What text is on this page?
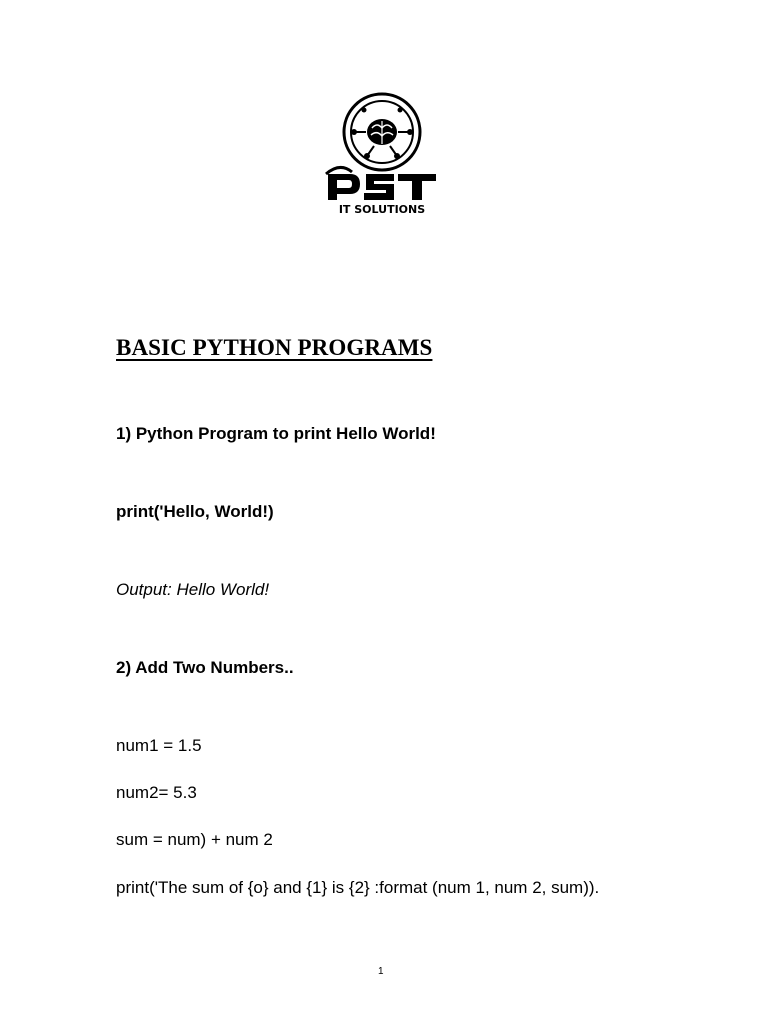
IT SOLUTIONS
BASIC PYTHON PROGRAMS

1) Python Program to print Hello World!

print('Hello, World!)

Output: Hello World!

2) Add Two Numbers..

num1 = 1.5

num2= 5.3

sum = num) + num 2

print('The sum of {o} and {1} is {2} :format (num 1, num 2, sum)).

1
